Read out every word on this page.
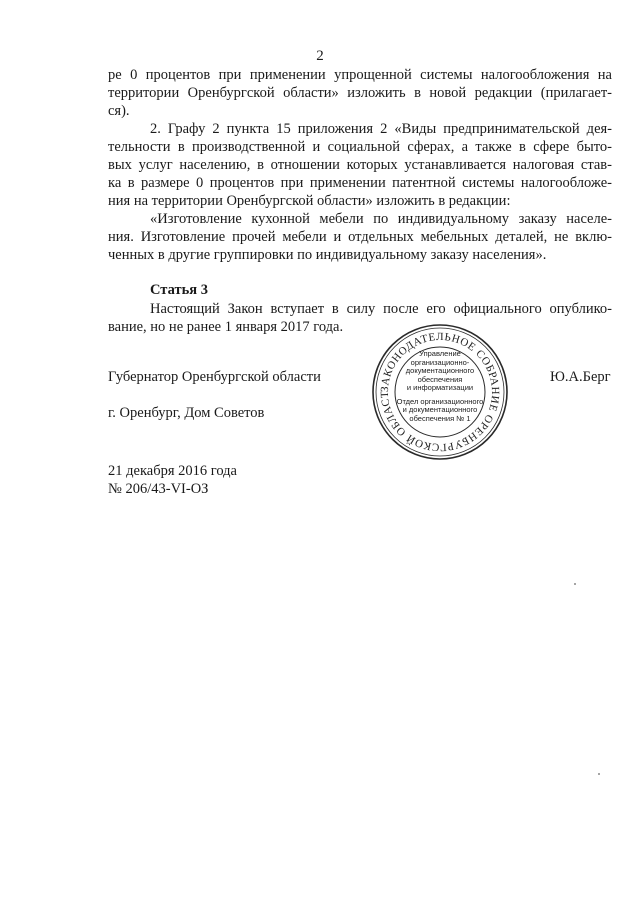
2
ре 0 процентов при применении упрощенной системы налогообложения на
территории Оренбургской области» изложить в новой редакции (прилагает-
ся).
2. Графу 2 пункта 15 приложения 2 «Виды предпринимательской дея-
тельности в производственной и социальной сферах, а также в сфере быто-
вых услуг населению, в отношении которых устанавливается налоговая став-
ка в размере 0 процентов при применении патентной системы налогообложе-
ния на территории Оренбургской области» изложить в редакции:
«Изготовление кухонной мебели по индивидуальному заказу населе-
ния. Изготовление прочей мебели и отдельных мебельных деталей, не вклю-
ченных в другие группировки по индивидуальному заказу населения».
Статья 3
Настоящий Закон вступает в силу после его официального опублико-
вание, но не ранее 1 января 2017 года.
ЗАКОНОДАТЕЛЬНОЕ СОБРАНИЕ ОРЕНБУРГСКОЙ ОБЛАСТ
Управление
организационно-
документационного
обеспечения
и информатизации
Отдел организационного
и документационного
обеспечения № 1
Губернатор Оренбургской области	Ю.А.Берг
г. Оренбург, Дом Советов
21 декабря 2016 года
№ 206/43-VI-ОЗ
